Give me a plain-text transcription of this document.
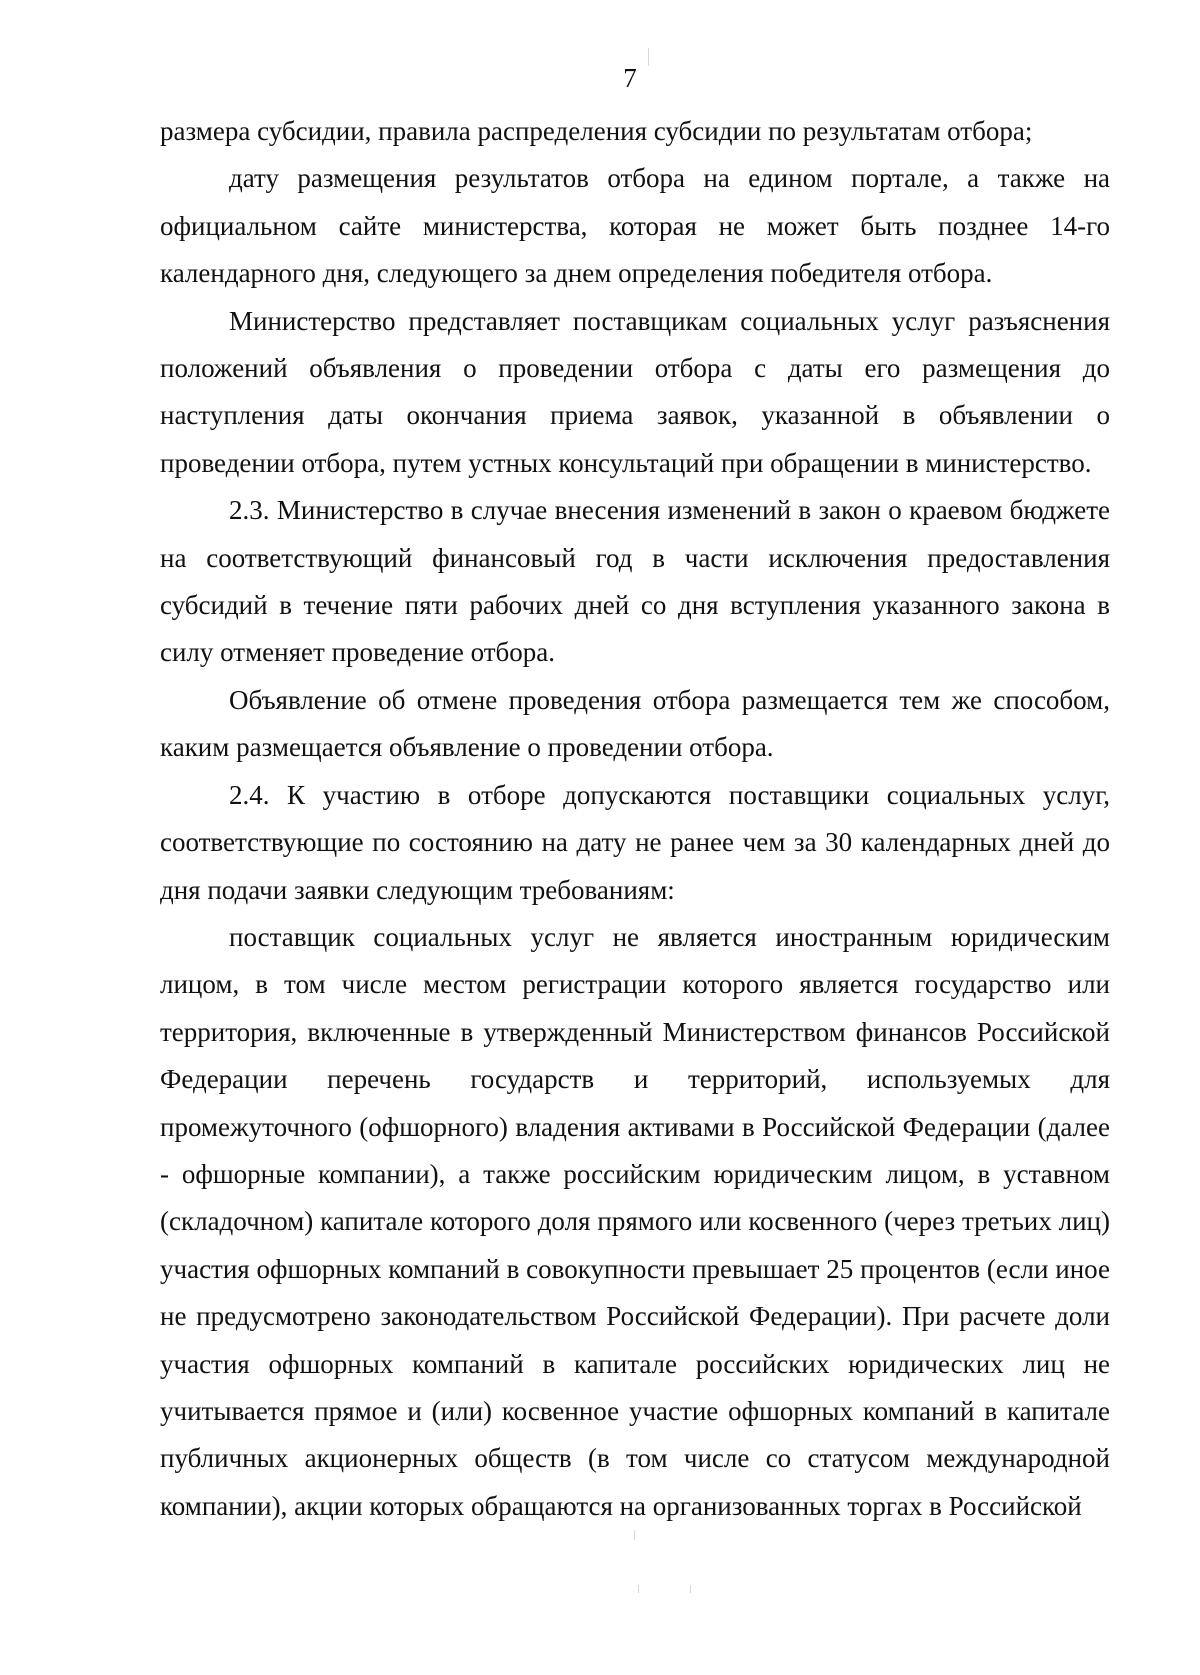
7

размера субсидии, правила распределения субсидии по результатам отбора;

дату размещения результатов отбора на едином портале, а также на официальном сайте министерства, которая не может быть позднее 14-го календарного дня, следующего за днем определения победителя отбора.

Министерство представляет поставщикам социальных услуг разъяснения положений объявления о проведении отбора с даты его размещения до наступления даты окончания приема заявок, указанной в объявлении о проведении отбора, путем устных консультаций при обращении в министерство.

2.3. Министерство в случае внесения изменений в закон о краевом бюджете на соответствующий финансовый год в части исключения предоставления субсидий в течение пяти рабочих дней со дня вступления указанного закона в силу отменяет проведение отбора.

Объявление об отмене проведения отбора размещается тем же способом, каким размещается объявление о проведении отбора.

2.4. К участию в отборе допускаются поставщики социальных услуг, соответствующие по состоянию на дату не ранее чем за 30 календарных дней до дня подачи заявки следующим требованиям:

поставщик социальных услуг не является иностранным юридическим лицом, в том числе местом регистрации которого является государство или территория, включенные в утвержденный Министерством финансов Российской Федерации перечень государств и территорий, используемых для промежуточного (офшорного) владения активами в Российской Федерации (далее - офшорные компании), а также российским юридическим лицом, в уставном (складочном) капитале которого доля прямого или косвенного (через третьих лиц) участия офшорных компаний в совокупности превышает 25 процентов (если иное не предусмотрено законодательством Российской Федерации). При расчете доли участия офшорных компаний в капитале российских юридических лиц не учитывается прямое и (или) косвенное участие офшорных компаний в капитале публичных акционерных обществ (в том числе со статусом международной компании), акции которых обращаются на организованных торгах в Российской
